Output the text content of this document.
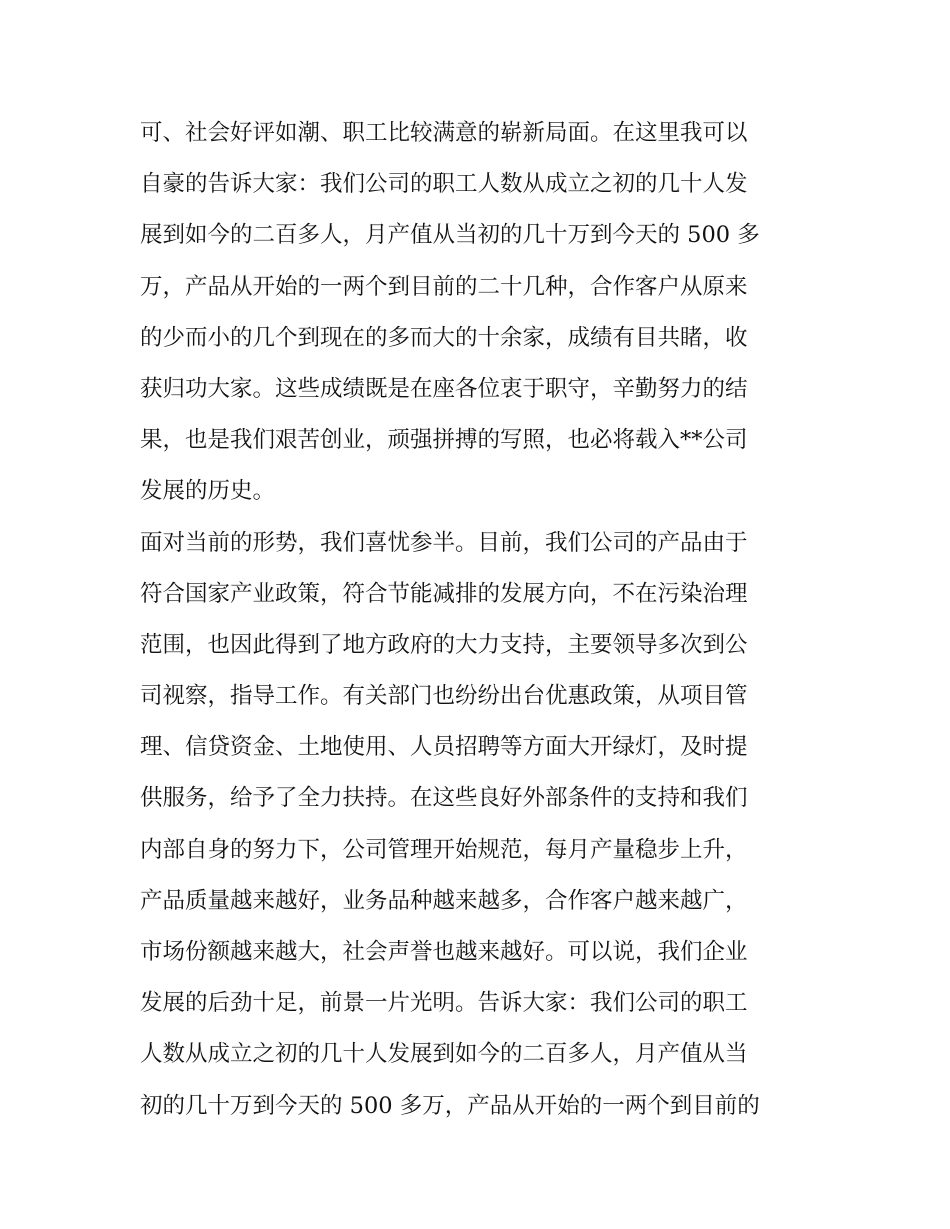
可、社会好评如潮、职工比较满意的崭新局面。在这里我可以
自豪的告诉大家：我们公司的职工人数从成立之初的几十人发
展到如今的二百多人，月产值从当初的几十万到今天的 500 多
万，产品从开始的一两个到目前的二十几种，合作客户从原来
的少而小的几个到现在的多而大的十余家，成绩有目共睹，收
获归功大家。这些成绩既是在座各位衷于职守，辛勤努力的结
果，也是我们艰苦创业，顽强拼搏的写照，也必将载入**公司
发展的历史。
面对当前的形势，我们喜忧参半。目前，我们公司的产品由于
符合国家产业政策，符合节能减排的发展方向，不在污染治理
范围，也因此得到了地方政府的大力支持，主要领导多次到公
司视察，指导工作。有关部门也纷纷出台优惠政策，从项目管
理、信贷资金、土地使用、人员招聘等方面大开绿灯，及时提
供服务，给予了全力扶持。在这些良好外部条件的支持和我们
内部自身的努力下，公司管理开始规范，每月产量稳步上升，
产品质量越来越好，业务品种越来越多，合作客户越来越广，
市场份额越来越大，社会声誉也越来越好。可以说，我们企业
发展的后劲十足，前景一片光明。告诉大家：我们公司的职工
人数从成立之初的几十人发展到如今的二百多人，月产值从当
初的几十万到今天的 500 多万，产品从开始的一两个到目前的
